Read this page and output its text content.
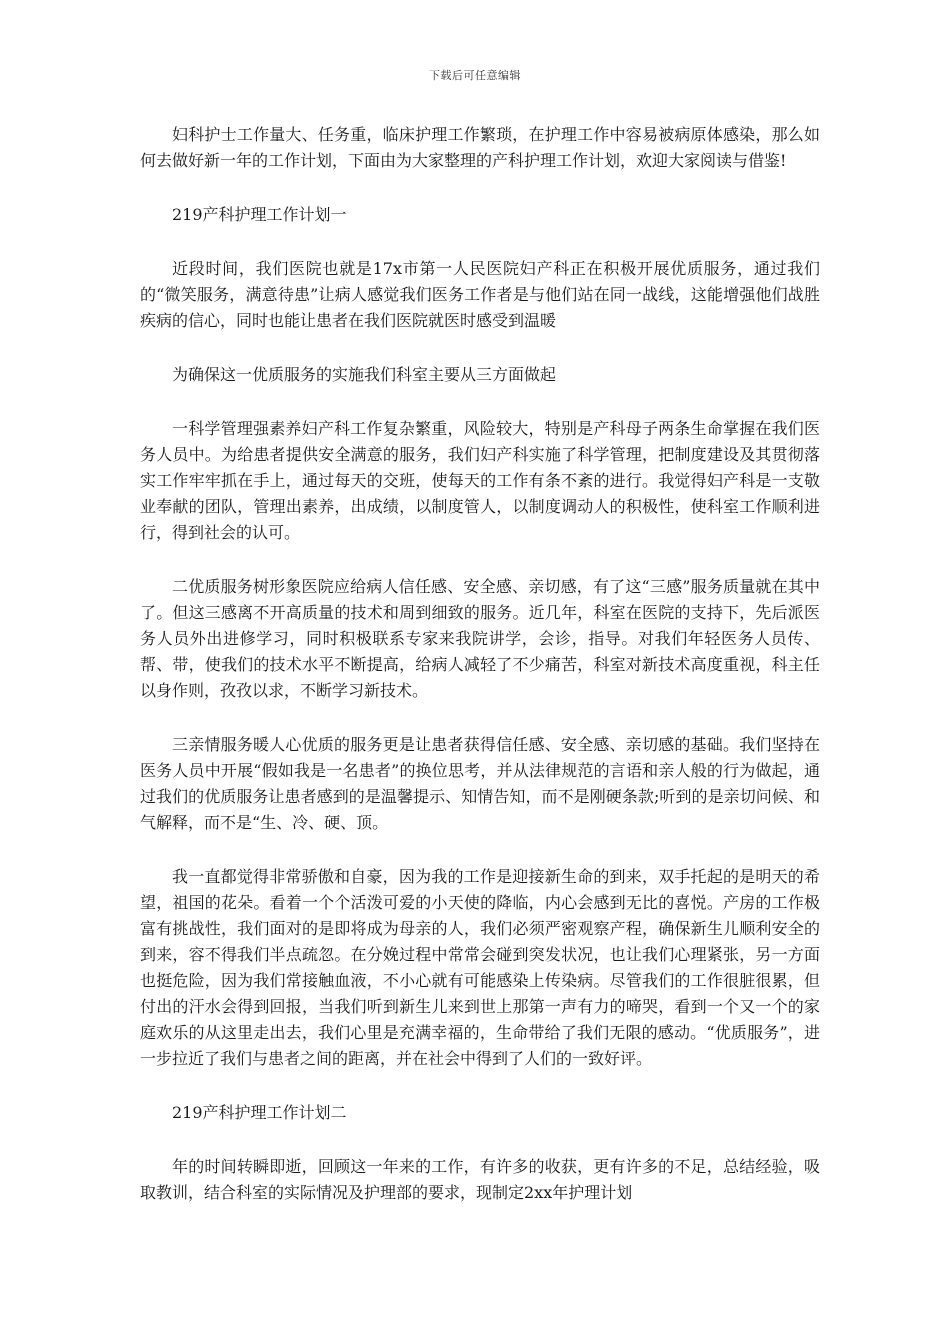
下载后可任意编辑

妇科护士工作量大、任务重，临床护理工作繁琐，在护理工作中容易被病原体感染，那么如何去做好新一年的工作计划，下面由为大家整理的产科护理工作计划，欢迎大家阅读与借鉴!

219产科护理工作计划一

近段时间，我们医院也就是17x市第一人民医院妇产科正在积极开展优质服务，通过我们的“微笑服务，满意待患”让病人感觉我们医务工作者是与他们站在同一战线，这能增强他们战胜疾病的信心，同时也能让患者在我们医院就医时感受到温暖

为确保这一优质服务的实施我们科室主要从三方面做起

一科学管理强素养妇产科工作复杂繁重，风险较大，特别是产科母子两条生命掌握在我们医务人员中。为给患者提供安全满意的服务，我们妇产科实施了科学管理，把制度建设及其贯彻落实工作牢牢抓在手上，通过每天的交班，使每天的工作有条不紊的进行。我觉得妇产科是一支敬业奉献的团队，管理出素养，出成绩，以制度管人，以制度调动人的积极性，使科室工作顺利进行，得到社会的认可。

二优质服务树形象医院应给病人信任感、安全感、亲切感，有了这“三感”服务质量就在其中了。但这三感离不开高质量的技术和周到细致的服务。近几年，科室在医院的支持下，先后派医务人员外出进修学习，同时积极联系专家来我院讲学，会诊，指导。对我们年轻医务人员传、帮、带，使我们的技术水平不断提高，给病人减轻了不少痛苦，科室对新技术高度重视，科主任以身作则，孜孜以求，不断学习新技术。

三亲情服务暖人心优质的服务更是让患者获得信任感、安全感、亲切感的基础。我们坚持在医务人员中开展“假如我是一名患者”的换位思考，并从法律规范的言语和亲人般的行为做起，通过我们的优质服务让患者感到的是温馨提示、知情告知，而不是刚硬条款;听到的是亲切问候、和气解释，而不是“生、冷、硬、顶。

我一直都觉得非常骄傲和自豪，因为我的工作是迎接新生命的到来，双手托起的是明天的希望，祖国的花朵。看着一个个活泼可爱的小天使的降临，内心会感到无比的喜悦。产房的工作极富有挑战性，我们面对的是即将成为母亲的人，我们必须严密观察产程，确保新生儿顺利安全的到来，容不得我们半点疏忽。在分娩过程中常常会碰到突发状况，也让我们心理紧张，另一方面也挺危险，因为我们常接触血液，不小心就有可能感染上传染病。尽管我们的工作很脏很累，但付出的汗水会得到回报，当我们听到新生儿来到世上那第一声有力的啼哭，看到一个又一个的家庭欢乐的从这里走出去，我们心里是充满幸福的，生命带给了我们无限的感动。“优质服务”，进一步拉近了我们与患者之间的距离，并在社会中得到了人们的一致好评。

219产科护理工作计划二

年的时间转瞬即逝，回顾这一年来的工作，有许多的收获，更有许多的不足，总结经验，吸取教训，结合科室的实际情况及护理部的要求，现制定2xx年护理计划
